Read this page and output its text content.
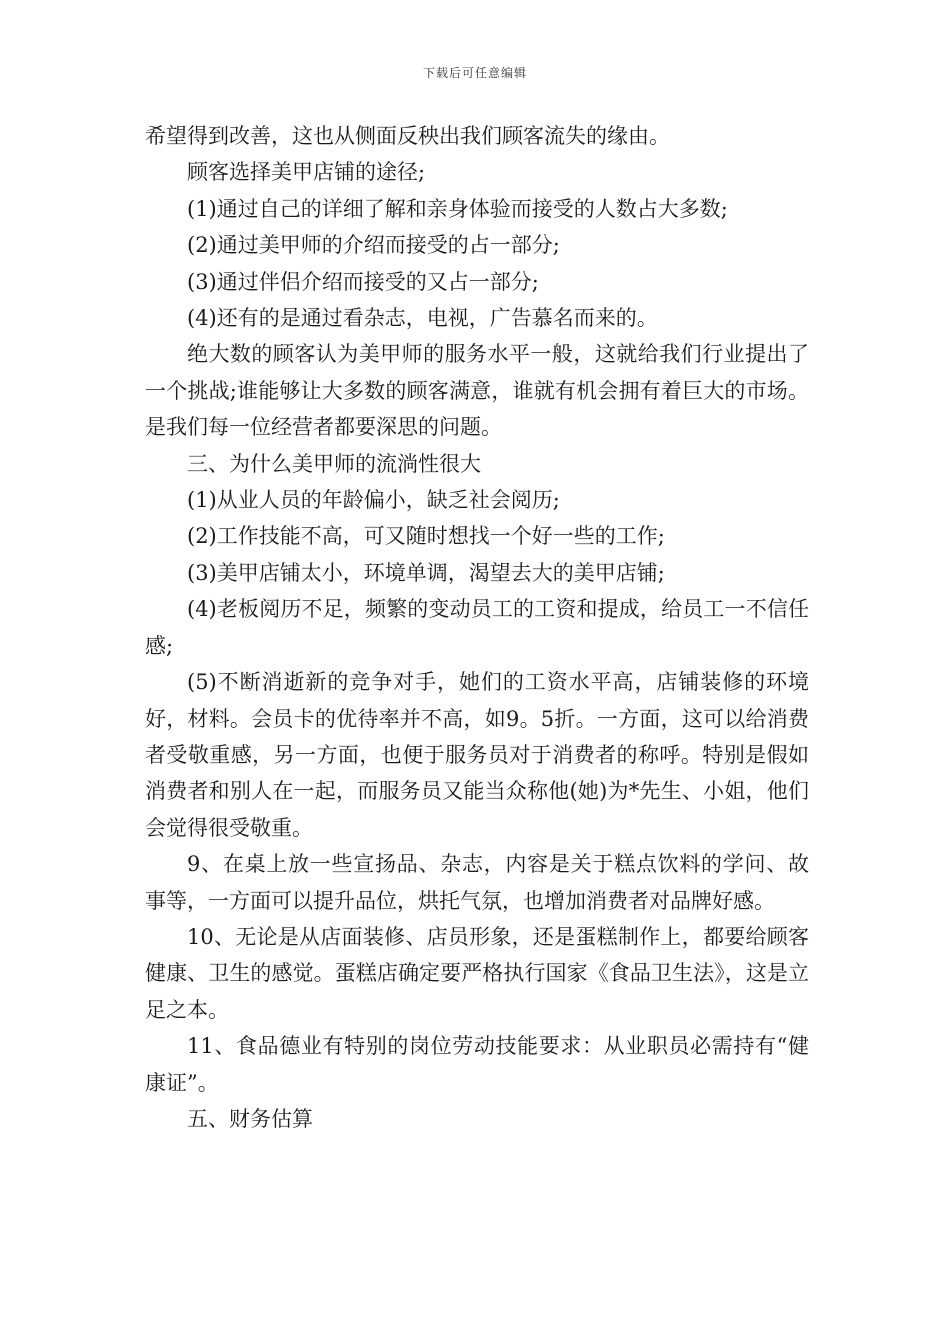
下载后可任意编辑

希望得到改善，这也从侧面反秧出我们顾客流失的缘由。

顾客选择美甲店铺的途径;

(1)通过自己的详细了解和亲身体验而接受的人数占大多数;

(2)通过美甲师的介绍而接受的占一部分;

(3)通过伴侣介绍而接受的又占一部分;

(4)还有的是通过看杂志，电视，广告慕名而来的。

绝大数的顾客认为美甲师的服务水平一般，这就给我们行业提出了一个挑战;谁能够让大多数的顾客满意，谁就有机会拥有着巨大的市场。是我们每一位经营者都要深思的问题。

三、为什么美甲师的流淌性很大

(1)从业人员的年龄偏小，缺乏社会阅历;

(2)工作技能不高，可又随时想找一个好一些的工作;

(3)美甲店铺太小，环境单调，渴望去大的美甲店铺;

(4)老板阅历不足，频繁的变动员工的工资和提成，给员工一不信任感;

(5)不断消逝新的竞争对手，她们的工资水平高，店铺装修的环境好，材料。会员卡的优待率并不高，如9。5折。一方面，这可以给消费者受敬重感，另一方面，也便于服务员对于消费者的称呼。特别是假如消费者和别人在一起，而服务员又能当众称他(她)为*先生、小姐，他们会觉得很受敬重。

9、在桌上放一些宣扬品、杂志，内容是关于糕点饮料的学问、故事等，一方面可以提升品位，烘托气氛，也增加消费者对品牌好感。

10、无论是从店面装修、店员形象，还是蛋糕制作上，都要给顾客健康、卫生的感觉。蛋糕店确定要严格执行国家《食品卫生法》，这是立足之本。

11、食品德业有特别的岗位劳动技能要求：从业职员必需持有“健康证”。

五、财务估算
